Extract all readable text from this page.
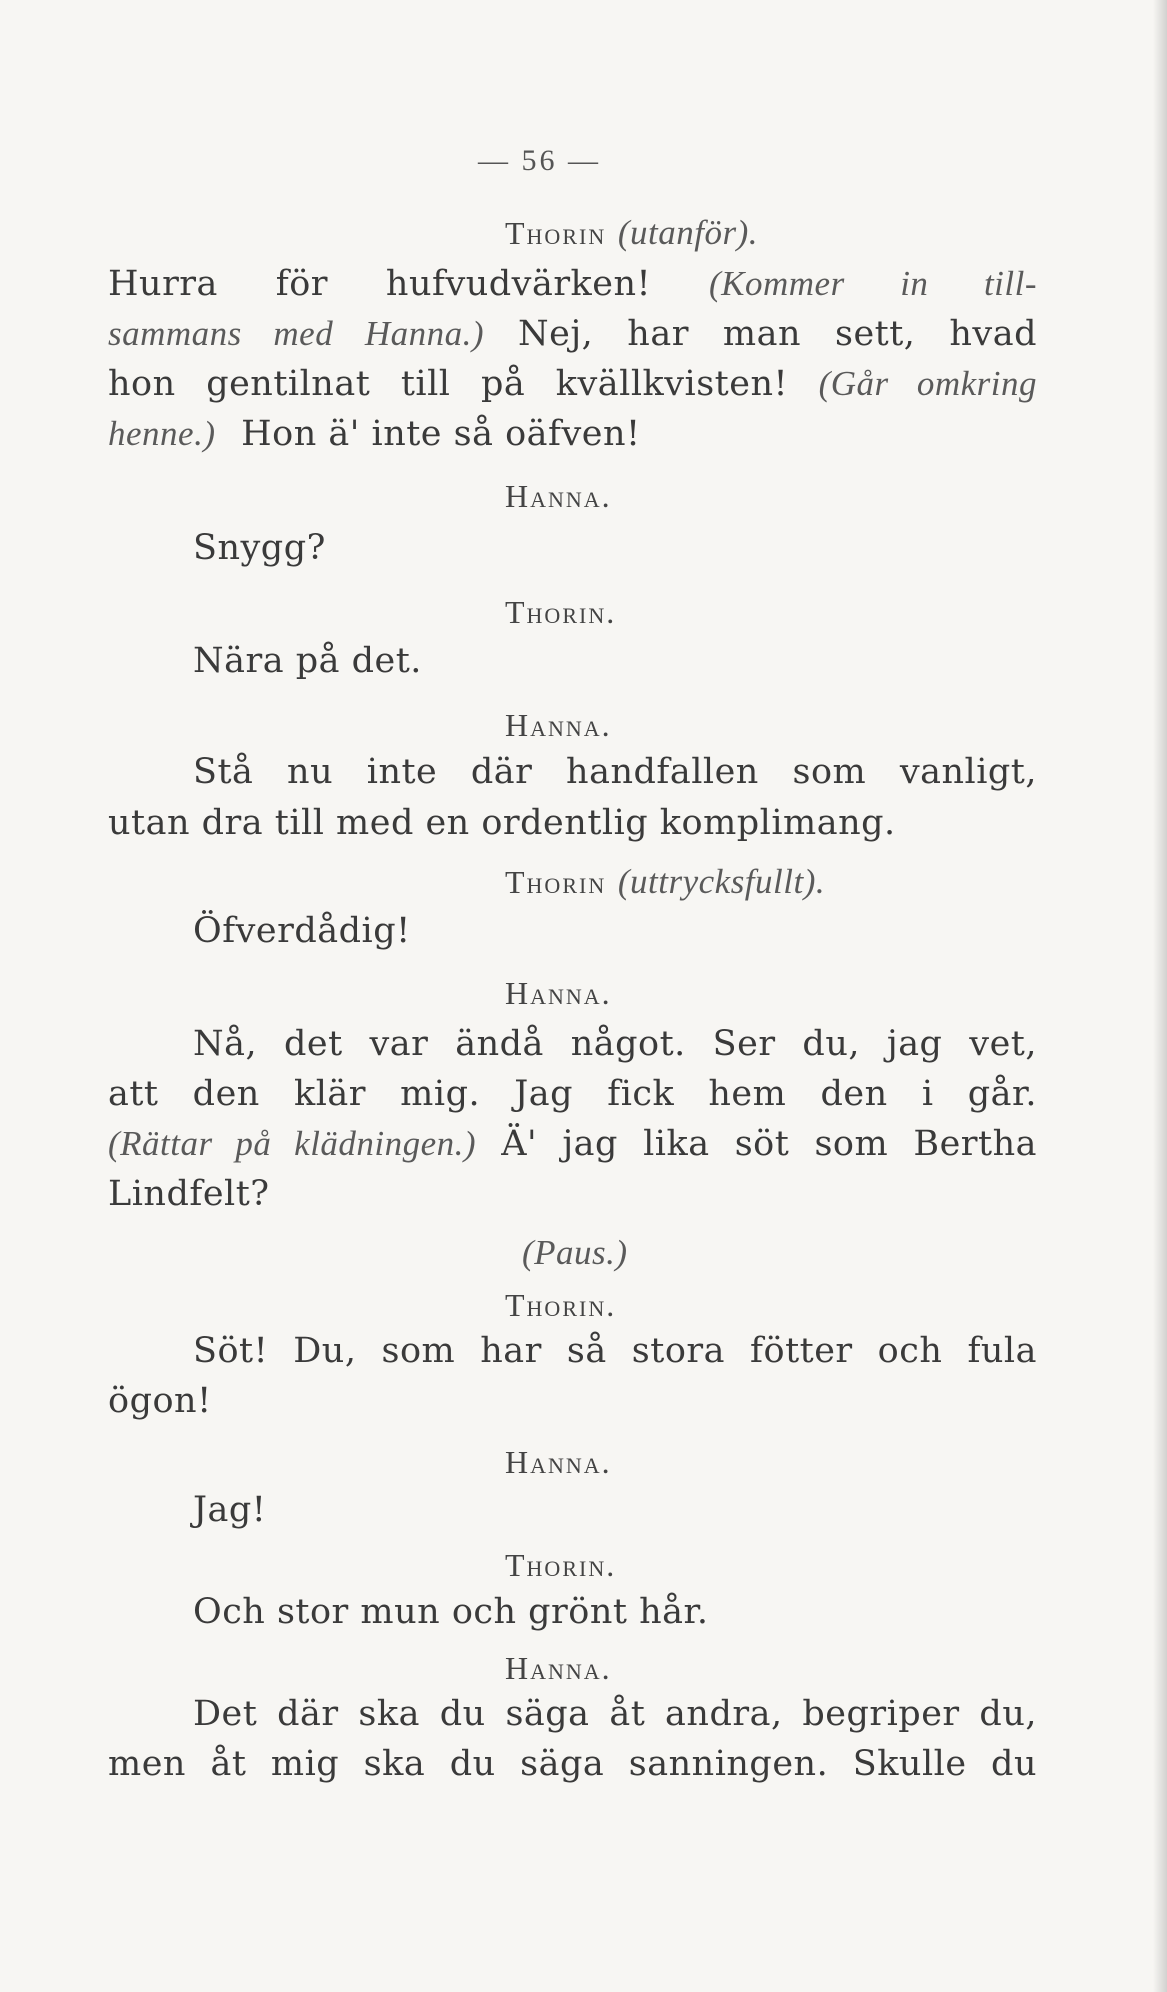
— 56 —
Thorin (utanför).
Hurra för hufvudvärken! (Kommer in till-
sammans med Hanna.) Nej, har man sett, hvad
hon gentilnat till på kvällkvisten! (Går omkring
henne.) Hon ä' inte så oäfven!
Hanna.
Snygg?
Thorin.
Nära på det.
Hanna.
Stå nu inte där handfallen som vanligt,
utan dra till med en ordentlig komplimang.
Thorin (uttrycksfullt).
Öfverdådig!
Hanna.
Nå, det var ändå något. Ser du, jag vet,
att den klär mig. Jag fick hem den i går.
(Rättar på klädningen.) Ä' jag lika söt som Bertha
Lindfelt?
(Paus.)
Thorin.
Söt! Du, som har så stora fötter och fula
ögon!
Hanna.
Jag!
Thorin.
Och stor mun och grönt hår.
Hanna.
Det där ska du säga åt andra, begriper du,
men åt mig ska du säga sanningen. Skulle du
